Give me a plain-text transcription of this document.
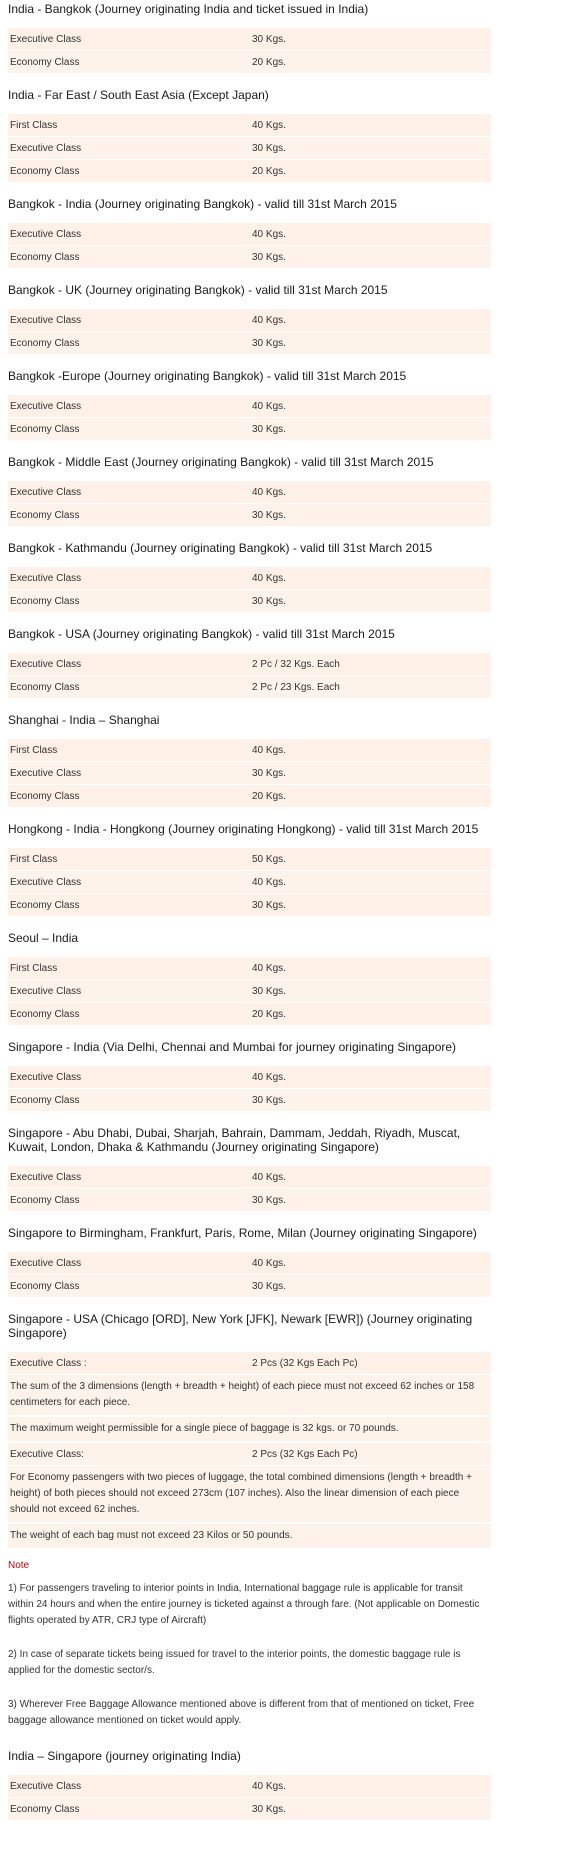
India - Bangkok (Journey originating India and ticket issued in India)
Executive Class	30 Kgs.
Economy Class	20 Kgs.
India - Far East / South East Asia (Except Japan)
First Class	40 Kgs.
Executive Class	30 Kgs.
Economy Class	20 Kgs.
Bangkok - India (Journey originating Bangkok) - valid till 31st March 2015
Executive Class	40 Kgs.
Economy Class	30 Kgs.
Bangkok - UK (Journey originating Bangkok) - valid till 31st March 2015
Executive Class	40 Kgs.
Economy Class	30 Kgs.
Bangkok -Europe (Journey originating Bangkok) - valid till 31st March 2015
Executive Class	40 Kgs.
Economy Class	30 Kgs.
Bangkok - Middle East (Journey originating Bangkok) - valid till 31st March 2015
Executive Class	40 Kgs.
Economy Class	30 Kgs.
Bangkok - Kathmandu (Journey originating Bangkok) - valid till 31st March 2015
Executive Class	40 Kgs.
Economy Class	30 Kgs.
Bangkok - USA (Journey originating Bangkok) - valid till 31st March 2015
Executive Class	2 Pc / 32 Kgs. Each
Economy Class	2 Pc / 23 Kgs. Each
Shanghai - India – Shanghai
First Class	40 Kgs.
Executive Class	30 Kgs.
Economy Class	20 Kgs.
Hongkong - India - Hongkong (Journey originating Hongkong) - valid till 31st March 2015
First Class	50 Kgs.
Executive Class	40 Kgs.
Economy Class	30 Kgs.
Seoul – India
First Class	40 Kgs.
Executive Class	30 Kgs.
Economy Class	20 Kgs.
Singapore - India (Via Delhi, Chennai and Mumbai for journey originating Singapore)
Executive Class	40 Kgs.
Economy Class	30 Kgs.
Singapore - Abu Dhabi, Dubai, Sharjah, Bahrain, Dammam, Jeddah, Riyadh, Muscat, Kuwait, London, Dhaka & Kathmandu (Journey originating Singapore)
Executive Class	40 Kgs.
Economy Class	30 Kgs.
Singapore to Birmingham, Frankfurt, Paris, Rome, Milan (Journey originating Singapore)
Executive Class	40 Kgs.
Economy Class	30 Kgs.
Singapore - USA (Chicago [ORD], New York [JFK], Newark [EWR]) (Journey originating Singapore)
Executive Class :	2 Pcs (32 Kgs Each Pc)
The sum of the 3 dimensions (length + breadth + height) of each piece must not exceed 62 inches or 158 centimeters for each piece.
The maximum weight permissible for a single piece of baggage is 32 kgs. or 70 pounds.
Executive Class:	2 Pcs (32 Kgs Each Pc)
For Economy passengers with two pieces of luggage, the total combined dimensions (length + breadth + height) of both pieces should not exceed 273cm (107 inches). Also the linear dimension of each piece should not exceed 62 inches.
The weight of each bag must not exceed 23 Kilos or 50 pounds.
Note

1) For passengers traveling to interior points in India, International baggage rule is applicable for transit within 24 hours and when the entire journey is ticketed against a through fare. (Not applicable on Domestic flights operated by ATR, CRJ type of Aircraft)

2) In case of separate tickets being issued for travel to the interior points, the domestic baggage rule is applied for the domestic sector/s.

3) Wherever Free Baggage Allowance mentioned above is different from that of mentioned on ticket, Free baggage allowance mentioned on ticket would apply.

India – Singapore (journey originating India)
Executive Class	40 Kgs.
Economy Class	30 Kgs.
